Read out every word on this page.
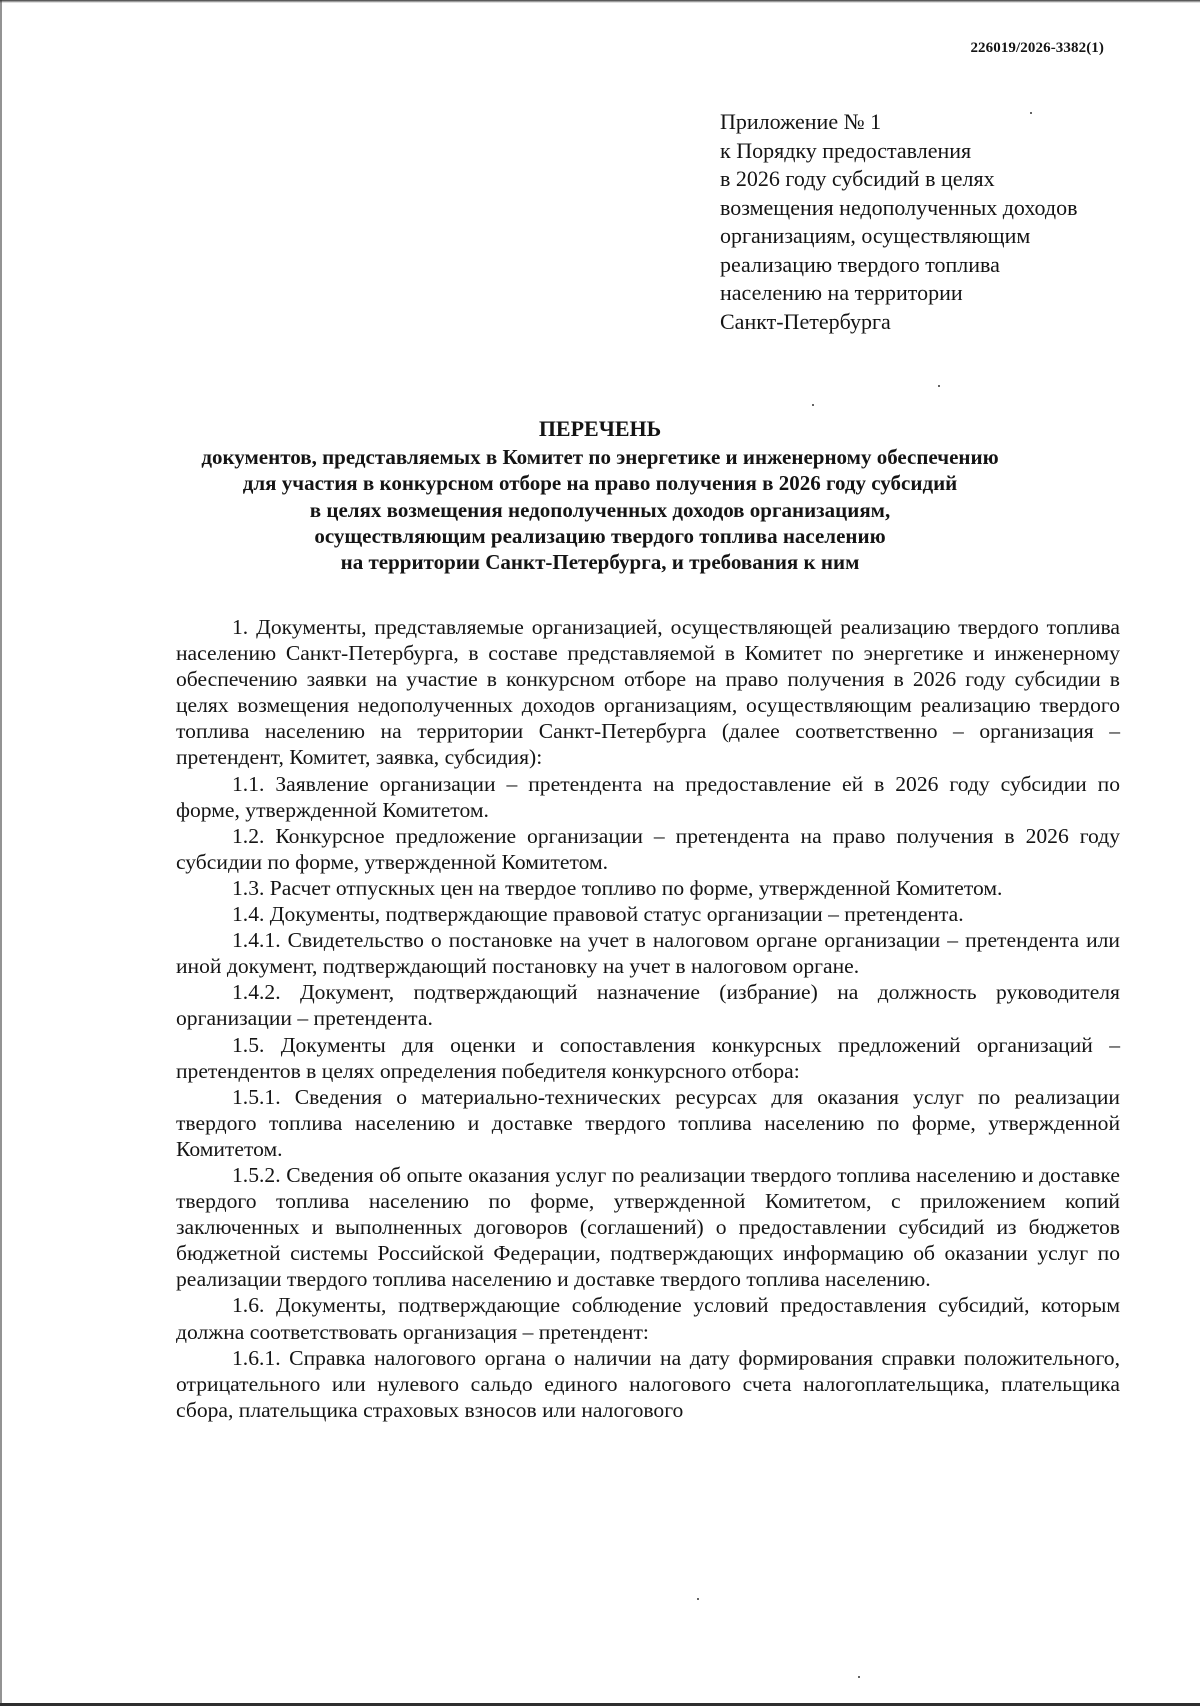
226019/2026-3382(1)
Приложение № 1
к Порядку предоставления
в 2026 году субсидий в целях
возмещения недополученных доходов
организациям, осуществляющим
реализацию твердого топлива
населению на территории
Санкт-Петербурга
ПЕРЕЧЕНЬ
документов, представляемых в Комитет по энергетике и инженерному обеспечению
для участия в конкурсном отборе на право получения в 2026 году субсидий
в целях возмещения недополученных доходов организациям,
осуществляющим реализацию твердого топлива населению
на территории Санкт-Петербурга, и требования к ним

1. Документы, представляемые организацией, осуществляющей реализацию твердого топлива населению Санкт-Петербурга, в составе представляемой в Комитет по энергетике и инженерному обеспечению заявки на участие в конкурсном отборе на право получения в 2026 году субсидии в целях возмещения недополученных доходов организациям, осуществляющим реализацию твердого топлива населению на территории Санкт-Петербурга (далее соответственно – организация – претендент, Комитет, заявка, субсидия):

1.1. Заявление организации – претендента на предоставление ей в 2026 году субсидии по форме, утвержденной Комитетом.

1.2. Конкурсное предложение организации – претендента на право получения в 2026 году субсидии по форме, утвержденной Комитетом.

1.3. Расчет отпускных цен на твердое топливо по форме, утвержденной Комитетом.

1.4. Документы, подтверждающие правовой статус организации – претендента.

1.4.1. Свидетельство о постановке на учет в налоговом органе организации – претендента или иной документ, подтверждающий постановку на учет в налоговом органе.

1.4.2. Документ, подтверждающий назначение (избрание) на должность руководителя организации – претендента.

1.5. Документы для оценки и сопоставления конкурсных предложений организаций – претендентов в целях определения победителя конкурсного отбора:

1.5.1. Сведения о материально-технических ресурсах для оказания услуг по реализации твердого топлива населению и доставке твердого топлива населению по форме, утвержденной Комитетом.

1.5.2. Сведения об опыте оказания услуг по реализации твердого топлива населению и доставке твердого топлива населению по форме, утвержденной Комитетом, с приложением копий заключенных и выполненных договоров (соглашений) о предоставлении субсидий из бюджетов бюджетной системы Российской Федерации, подтверждающих информацию об оказании услуг по реализации твердого топлива населению и доставке твердого топлива населению.

1.6. Документы, подтверждающие соблюдение условий предоставления субсидий, которым должна соответствовать организация – претендент:

1.6.1. Справка налогового органа о наличии на дату формирования справки положительного, отрицательного или нулевого сальдо единого налогового счета налогоплательщика, плательщика сбора, плательщика страховых взносов или налогового
